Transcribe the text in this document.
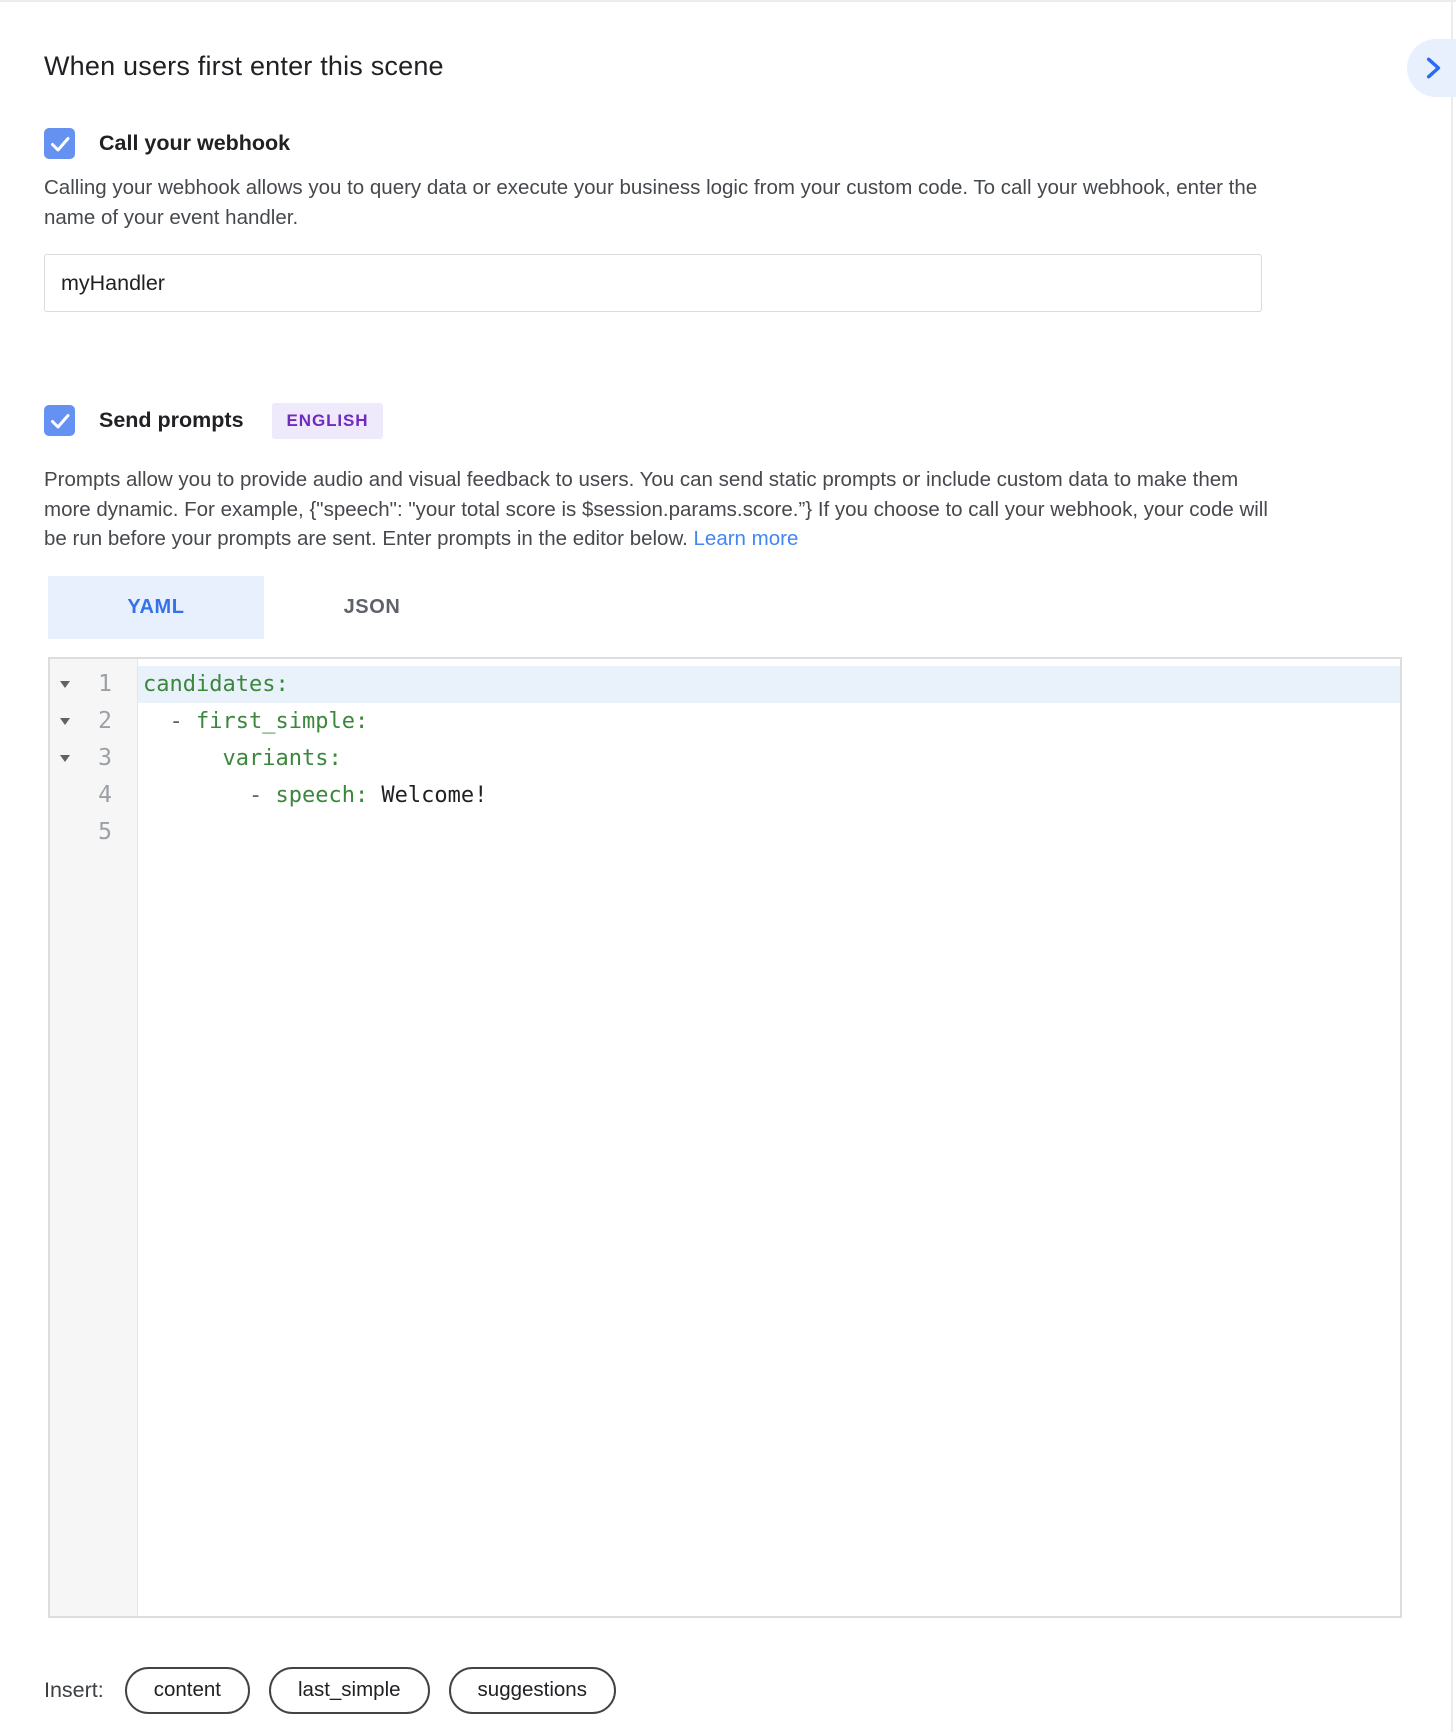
When users first enter this scene
Call your webhook

Calling your webhook allows you to query data or execute your business logic from your custom code. To call your webhook, enter the name of your event handler.

myHandler
Send prompts	ENGLISH

Prompts allow you to provide audio and visual feedback to users. You can send static prompts or include custom data to make them more dynamic. For example, {"speech": "your total score is $session.params.score.”} If you choose to call your webhook, your code will be run before your prompts are sent. Enter prompts in the editor below. Learn more

YAML	JSON
1
2
3
4
5
candidates:
- first_simple:
variants:
- speech: Welcome!
Insert:	content	last_simple	suggestions
